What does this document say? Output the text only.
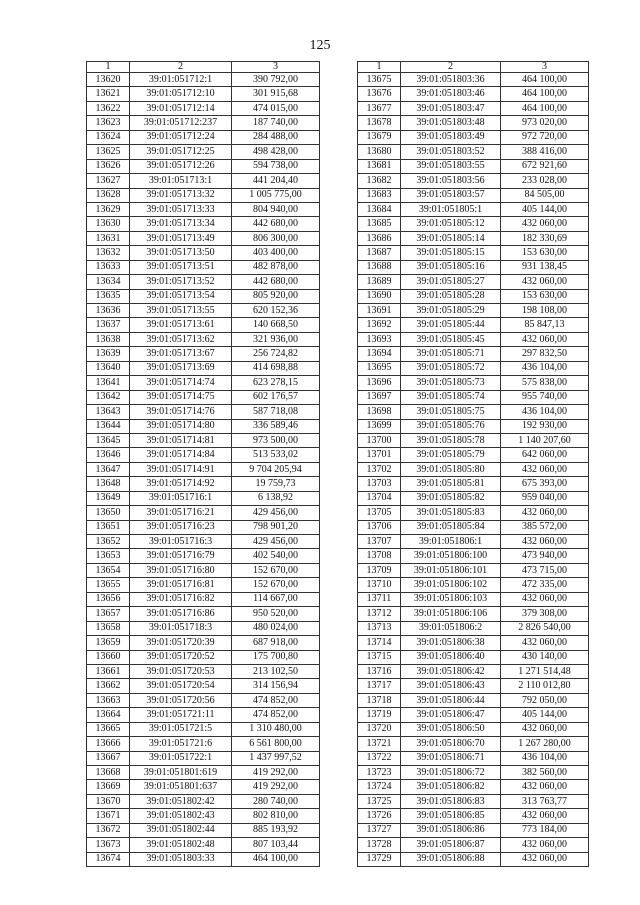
125
1	2	3
13620	39:01:051712:1	390 792,00
13621	39:01:051712:10	301 915,68
13622	39:01:051712:14	474 015,00
13623	39:01:051712:237	187 740,00
13624	39:01:051712:24	284 488,00
13625	39:01:051712:25	498 428,00
13626	39:01:051712:26	594 738,00
13627	39:01:051713:1	441 204,40
13628	39:01:051713:32	1 005 775,00
13629	39:01:051713:33	804 940,00
13630	39:01:051713:34	442 680,00
13631	39:01:051713:49	806 300,00
13632	39:01:051713:50	403 400,00
13633	39:01:051713:51	482 878,00
13634	39:01:051713:52	442 680,00
13635	39:01:051713:54	805 920,00
13636	39:01:051713:55	620 152,36
13637	39:01:051713:61	140 668,50
13638	39:01:051713:62	321 936,00
13639	39:01:051713:67	256 724,82
13640	39:01:051713:69	414 698,88
13641	39:01:051714:74	623 278,15
13642	39:01:051714:75	602 176,57
13643	39:01:051714:76	587 718,08
13644	39:01:051714:80	336 589,46
13645	39:01:051714:81	973 500,00
13646	39:01:051714:84	513 533,02
13647	39:01:051714:91	9 704 205,94
13648	39:01:051714:92	19 759,73
13649	39:01:051716:1	6 138,92
13650	39:01:051716:21	429 456,00
13651	39:01:051716:23	798 901,20
13652	39:01:051716:3	429 456,00
13653	39:01:051716:79	402 540,00
13654	39:01:051716:80	152 670,00
13655	39:01:051716:81	152 670,00
13656	39:01:051716:82	114 667,00
13657	39:01:051716:86	950 520,00
13658	39:01:051718:3	480 024,00
13659	39:01:051720:39	687 918,00
13660	39:01:051720:52	175 700,80
13661	39:01:051720:53	213 102,50
13662	39:01:051720:54	314 156,94
13663	39:01:051720:56	474 852,00
13664	39:01:051721:11	474 852,00
13665	39:01:051721:5	1 310 480,00
13666	39:01:051721:6	6 561 800,00
13667	39:01:051722:1	1 437 997,52
13668	39:01:051801:619	419 292,00
13669	39:01:051801:637	419 292,00
13670	39:01:051802:42	280 740,00
13671	39:01:051802:43	802 810,00
13672	39:01:051802:44	885 193,92
13673	39:01:051802:48	807 103,44
13674	39:01:051803:33	464 100,00
1	2	3
13675	39:01:051803:36	464 100,00
13676	39:01:051803:46	464 100,00
13677	39:01:051803:47	464 100,00
13678	39:01:051803:48	973 020,00
13679	39:01:051803:49	972 720,00
13680	39:01:051803:52	388 416,00
13681	39:01:051803:55	672 921,60
13682	39:01:051803:56	233 028,00
13683	39:01:051803:57	84 505,00
13684	39:01:051805:1	405 144,00
13685	39:01:051805:12	432 060,00
13686	39:01:051805:14	182 330,69
13687	39:01:051805:15	153 630,00
13688	39:01:051805:16	931 138,45
13689	39:01:051805:27	432 060,00
13690	39:01:051805:28	153 630,00
13691	39:01:051805:29	198 108,00
13692	39:01:051805:44	85 847,13
13693	39:01:051805:45	432 060,00
13694	39:01:051805:71	297 832,50
13695	39:01:051805:72	436 104,00
13696	39:01:051805:73	575 838,00
13697	39:01:051805:74	955 740,00
13698	39:01:051805:75	436 104,00
13699	39:01:051805:76	192 930,00
13700	39:01:051805:78	1 140 207,60
13701	39:01:051805:79	642 060,00
13702	39:01:051805:80	432 060,00
13703	39:01:051805:81	675 393,00
13704	39:01:051805:82	959 040,00
13705	39:01:051805:83	432 060,00
13706	39:01:051805:84	385 572,00
13707	39:01:051806:1	432 060,00
13708	39:01:051806:100	473 940,00
13709	39:01:051806:101	473 715,00
13710	39:01:051806:102	472 335,00
13711	39:01:051806:103	432 060,00
13712	39:01:051806:106	379 308,00
13713	39:01:051806:2	2 826 540,00
13714	39:01:051806:38	432 060,00
13715	39:01:051806:40	430 140,00
13716	39:01:051806:42	1 271 514,48
13717	39:01:051806:43	2 110 012,80
13718	39:01:051806:44	792 050,00
13719	39:01:051806:47	405 144,00
13720	39:01:051806:50	432 060,00
13721	39:01:051806:70	1 267 280,00
13722	39:01:051806:71	436 104,00
13723	39:01:051806:72	382 560,00
13724	39:01:051806:82	432 060,00
13725	39:01:051806:83	313 763,77
13726	39:01:051806:85	432 060,00
13727	39:01:051806:86	773 184,00
13728	39:01:051806:87	432 060,00
13729	39:01:051806:88	432 060,00
